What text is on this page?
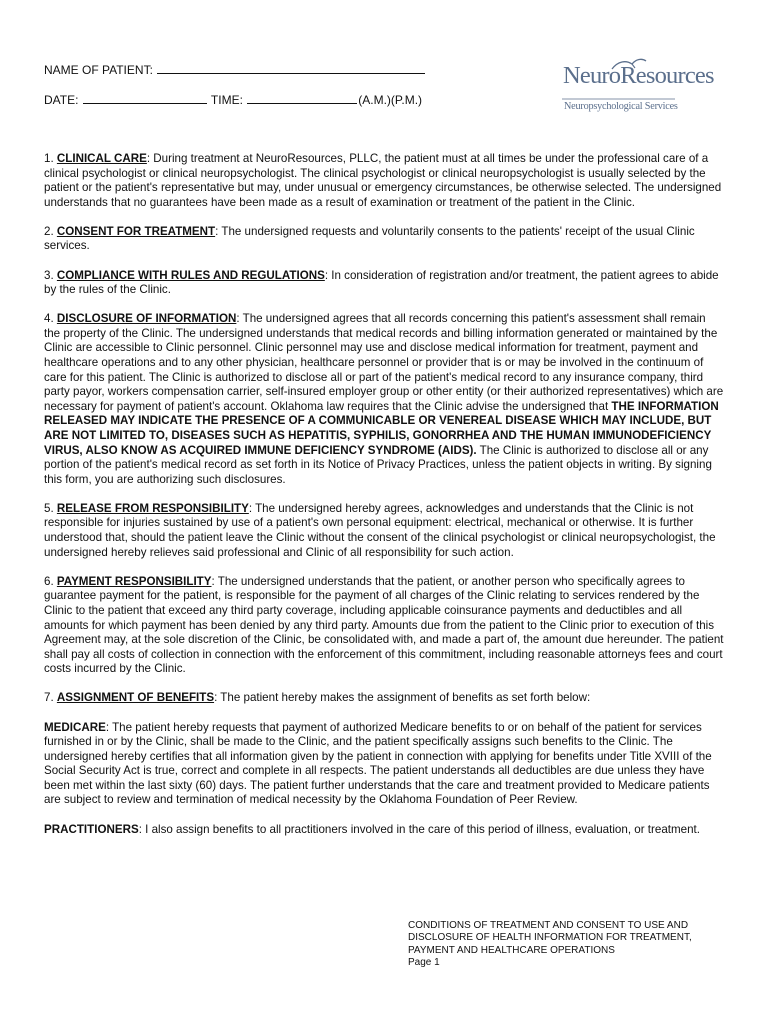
NAME OF PATIENT:
DATE:	TIME:	(A.M.)(P.M.)
NeuroResources
Neuropsychological Services

1. CLINICAL CARE: During treatment at NeuroResources, PLLC, the patient must at all times be under the professional care of a clinical psychologist or clinical neuropsychologist. The clinical psychologist or clinical neuropsychologist is usually selected by the patient or the patient's representative but may, under unusual or emergency circumstances, be otherwise selected. The undersigned understands that no guarantees have been made as a result of examination or treatment of the patient in the Clinic.

2. CONSENT FOR TREATMENT: The undersigned requests and voluntarily consents to the patients' receipt of the usual Clinic services.

3. COMPLIANCE WITH RULES AND REGULATIONS: In consideration of registration and/or treatment, the patient agrees to abide by the rules of the Clinic.

4. DISCLOSURE OF INFORMATION: The undersigned agrees that all records concerning this patient's assessment shall remain the property of the Clinic. The undersigned understands that medical records and billing information generated or maintained by the Clinic are accessible to Clinic personnel. Clinic personnel may use and disclose medical information for treatment, payment and healthcare operations and to any other physician, healthcare personnel or provider that is or may be involved in the continuum of care for this patient. The Clinic is authorized to disclose all or part of the patient's medical record to any insurance company, third party payor, workers compensation carrier, self-insured employer group or other entity (or their authorized representatives) which are necessary for payment of patient's account. Oklahoma law requires that the Clinic advise the undersigned that THE INFORMATION RELEASED MAY INDICATE THE PRESENCE OF A COMMUNICABLE OR VENEREAL DISEASE WHICH MAY INCLUDE, BUT ARE NOT LIMITED TO, DISEASES SUCH AS HEPATITIS, SYPHILIS, GONORRHEA AND THE HUMAN IMMUNODEFICIENCY VIRUS, ALSO KNOW AS ACQUIRED IMMUNE DEFICIENCY SYNDROME (AIDS). The Clinic is authorized to disclose all or any portion of the patient's medical record as set forth in its Notice of Privacy Practices, unless the patient objects in writing. By signing this form, you are authorizing such disclosures.

5. RELEASE FROM RESPONSIBILITY: The undersigned hereby agrees, acknowledges and understands that the Clinic is not responsible for injuries sustained by use of a patient's own personal equipment: electrical, mechanical or otherwise. It is further understood that, should the patient leave the Clinic without the consent of the clinical psychologist or clinical neuropsychologist, the undersigned hereby relieves said professional and Clinic of all responsibility for such action.

6. PAYMENT RESPONSIBILITY: The undersigned understands that the patient, or another person who specifically agrees to guarantee payment for the patient, is responsible for the payment of all charges of the Clinic relating to services rendered by the Clinic to the patient that exceed any third party coverage, including applicable coinsurance payments and deductibles and all amounts for which payment has been denied by any third party. Amounts due from the patient to the Clinic prior to execution of this Agreement may, at the sole discretion of the Clinic, be consolidated with, and made a part of, the amount due hereunder. The patient shall pay all costs of collection in connection with the enforcement of this commitment, including reasonable attorneys fees and court costs incurred by the Clinic.

7. ASSIGNMENT OF BENEFITS: The patient hereby makes the assignment of benefits as set forth below:

MEDICARE: The patient hereby requests that payment of authorized Medicare benefits to or on behalf of the patient for services furnished in or by the Clinic, shall be made to the Clinic, and the patient specifically assigns such benefits to the Clinic. The undersigned hereby certifies that all information given by the patient in connection with applying for benefits under Title XVIII of the Social Security Act is true, correct and complete in all respects. The patient understands all deductibles are due unless they have been met within the last sixty (60) days. The patient further understands that the care and treatment provided to Medicare patients are subject to review and termination of medical necessity by the Oklahoma Foundation of Peer Review.

PRACTITIONERS: I also assign benefits to all practitioners involved in the care of this period of illness, evaluation, or treatment.

CONDITIONS OF TREATMENT AND CONSENT TO USE AND
DISCLOSURE OF HEALTH INFORMATION FOR TREATMENT,
PAYMENT AND HEALTHCARE OPERATIONS
Page 1
